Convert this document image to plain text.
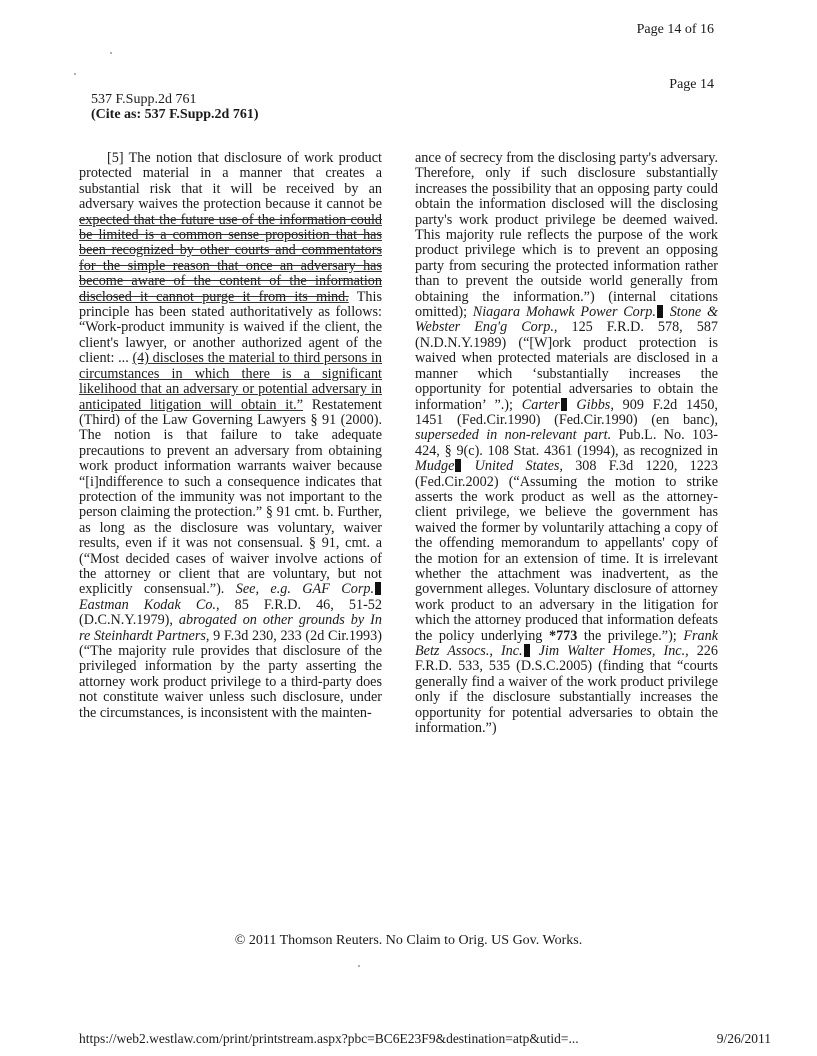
Page 14 of 16
Page 14
537 F.Supp.2d 761
(Cite as: 537 F.Supp.2d 761)

[5] The notion that disclosure of work product protected material in a manner that creates a substantial risk that it will be received by an adversary waives the protection because it cannot be expected that the future use of the information could be limited is a common sense proposition that has been recognized by other courts and commentators for the simple reason that once an adversary has become aware of the content of the information disclosed it cannot purge it from its mind. This principle has been stated authoritatively as follows: “Work-product immunity is waived if the client, the client's lawyer, or another authorized agent of the client: ... (4) discloses the material to third persons in circumstances in which there is a significant likelihood that an adversary or potential adversary in anticipated litigation will obtain it.” Restatement (Third) of the Law Governing Lawyers § 91 (2000). The notion is that failure to take adequate precautions to prevent an adversary from obtaining work product information warrants waiver because “[i]ndifference to such a consequence indicates that protection of the immunity was not important to the person claiming the protection.” § 91 cmt. b. Further, as long as the disclosure was voluntary, waiver results, even if it was not consensual. § 91, cmt. a (“Most decided cases of waiver involve actions of the attorney or client that are voluntary, but not explicitly consensual.”). See, e.g. GAF Corp. Eastman Kodak Co., 85 F.R.D. 46, 51-52 (D.C.N.Y.1979), abrogated on other grounds by In re Steinhardt Partners, 9 F.3d 230, 233 (2d Cir.1993) (“The majority rule provides that disclosure of the privileged information by the party asserting the attorney work product privilege to a third-party does not constitute waiver unless such disclosure, under the circumstances, is inconsistent with the mainten-

ance of secrecy from the disclosing party's adversary. Therefore, only if such disclosure substantially increases the possibility that an opposing party could obtain the information disclosed will the disclosing party's work product privilege be deemed waived. This majority rule reflects the purpose of the work product privilege which is to prevent an opposing party from securing the protected information rather than to prevent the outside world generally from obtaining the information.”) (internal citations omitted); Niagara Mohawk Power Corp. Stone & Webster Eng'g Corp., 125 F.R.D. 578, 587 (N.D.N.Y.1989) (“[W]ork product protection is waived when protected materials are disclosed in a manner which ‘substantially increases the opportunity for potential adversaries to obtain the information’ ”.); Carter Gibbs, 909 F.2d 1450, 1451 (Fed.Cir.1990) (Fed.Cir.1990) (en banc), superseded in non-relevant part. Pub.L. No. 103-424, § 9(c). 108 Stat. 4361 (1994), as recognized in Mudge United States, 308 F.3d 1220, 1223 (Fed.Cir.2002) (“Assuming the motion to strike asserts the work product as well as the attorney-client privilege, we believe the government has waived the former by voluntarily attaching a copy of the offending memorandum to appellants' copy of the motion for an extension of time. It is irrelevant whether the attachment was inadvertent, as the government alleges. Voluntary disclosure of attorney work product to an adversary in the litigation for which the attorney produced that information defeats the policy underlying *773 the privilege.”); Frank Betz Assocs., Inc. Jim Walter Homes, Inc., 226 F.R.D. 533, 535 (D.S.C.2005) (finding that “courts generally find a waiver of the work product privilege only if the disclosure substantially increases the opportunity for potential adversaries to obtain the information.”)

© 2011 Thomson Reuters. No Claim to Orig. US Gov. Works.
https://web2.westlaw.com/print/printstream.aspx?pbc=BC6E23F9&destination=atp&utid=...	9/26/2011
